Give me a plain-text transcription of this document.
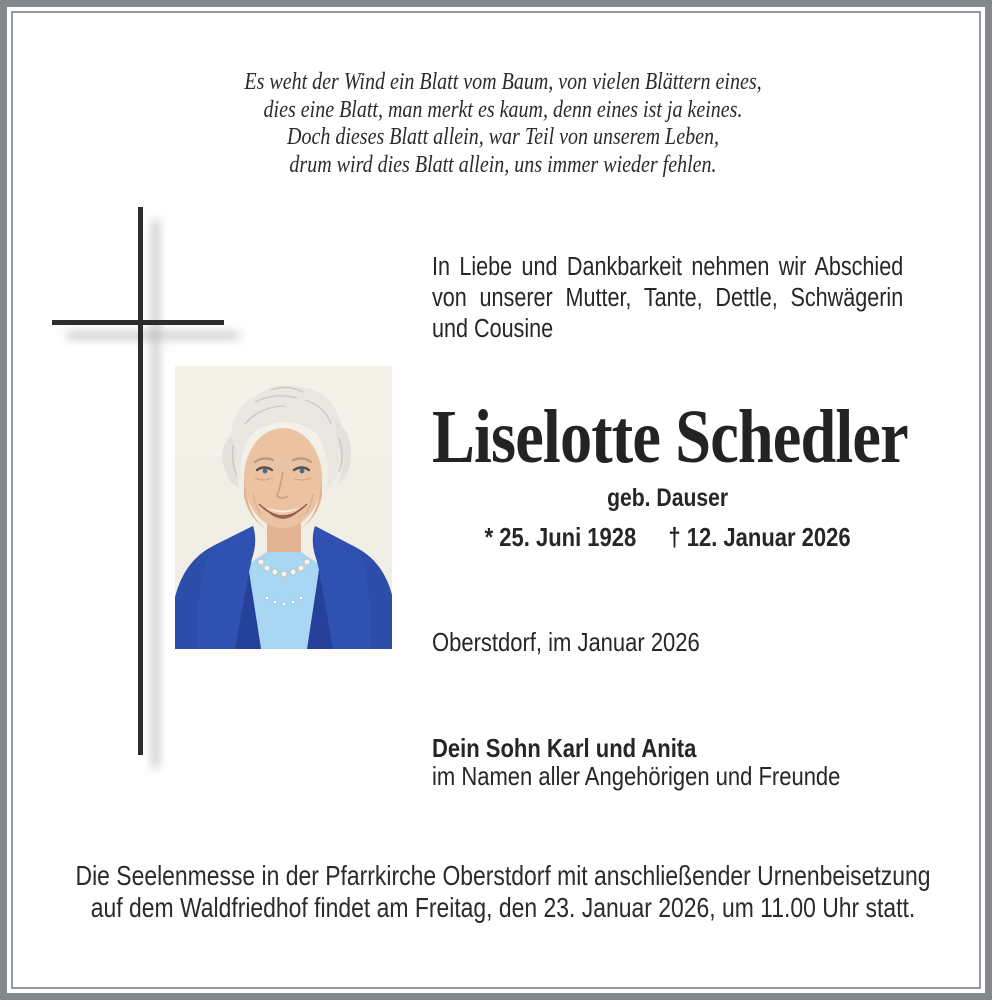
Es weht der Wind ein Blatt vom Baum, von vielen Blättern eines,
dies eine Blatt, man merkt es kaum, denn eines ist ja keines.
Doch dieses Blatt allein, war Teil von unserem Leben,
drum wird dies Blatt allein, uns immer wieder fehlen.
In Liebe und Dankbarkeit nehmen wir Abschied
von unserer Mutter, Tante, Dettle, Schwägerin
und Cousine
Liselotte Schedler
geb. Dauser
* 25. Juni 1928 † 12. Januar 2026
Oberstdorf, im Januar 2026
Dein Sohn Karl und Anita
im Namen aller Angehörigen und Freunde
Die Seelenmesse in der Pfarrkirche Oberstdorf mit anschließender Urnenbeisetzung
auf dem Waldfriedhof findet am Freitag, den 23. Januar 2026, um 11.00 Uhr statt.
